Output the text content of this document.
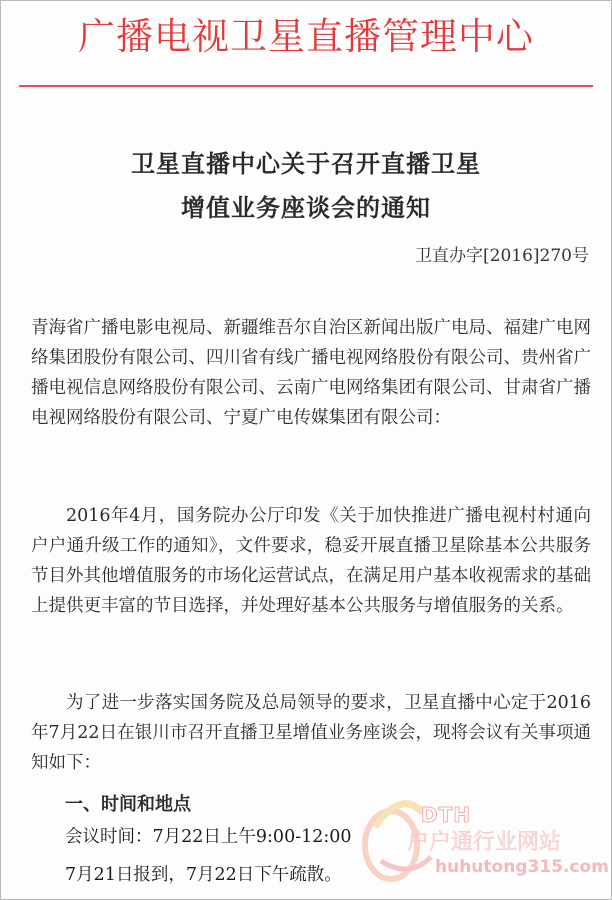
广播电视卫星直播管理中心
卫星直播中心关于召开直播卫星
增值业务座谈会的通知
卫直办字[2016]270号
青海省广播电影电视局、新疆维吾尔自治区新闻出版广电局、福建广电网络集团股份有限公司、四川省有线广播电视网络股份有限公司、贵州省广播电视信息网络股份有限公司、云南广电网络集团有限公司、甘肃省广播电视网络股份有限公司、宁夏广电传媒集团有限公司：
2016年4月，国务院办公厅印发《关于加快推进广播电视村村通向户户通升级工作的通知》，文件要求，稳妥开展直播卫星除基本公共服务节目外其他增值服务的市场化运营试点，在满足用户基本收视需求的基础上提供更丰富的节目选择，并处理好基本公共服务与增值服务的关系。
为了进一步落实国务院及总局领导的要求，卫星直播中心定于2016年7月22日在银川市召开直播卫星增值业务座谈会，现将会议有关事项通知如下：
一、时间和地点
会议时间：7月22日上午9:00-12:00
7月21日报到，7月22日下午疏散。
DTH
户户通行业网站
huhutong315.com
